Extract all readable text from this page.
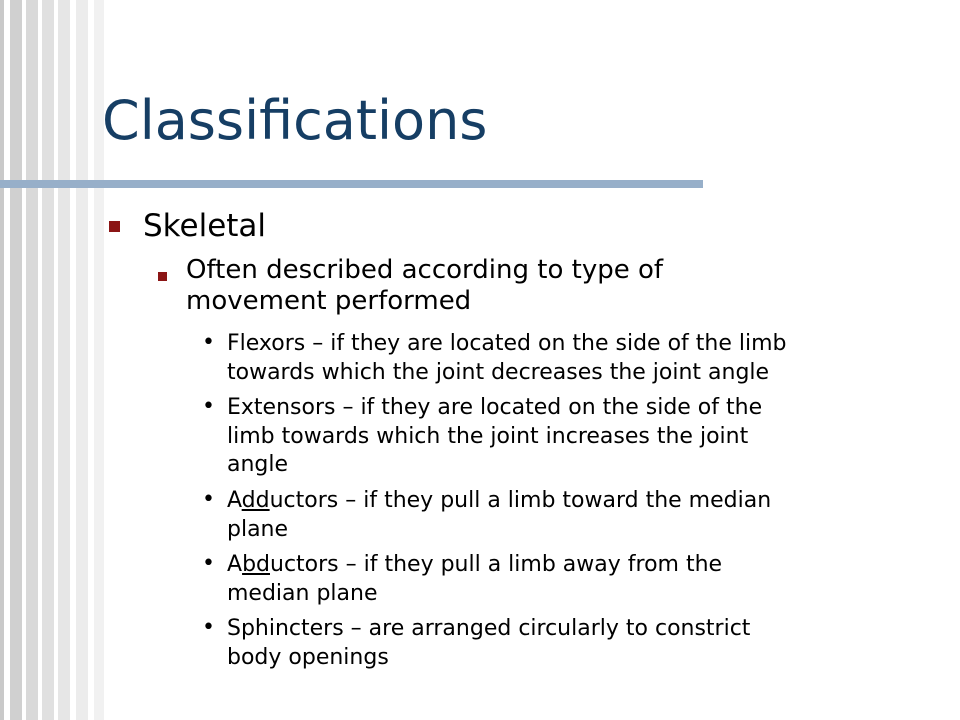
Classifications
Skeletal
Often described according to type of
movement performed
• Flexors – if they are located on the side of the limb
towards which the joint decreases the joint angle
• Extensors – if they are located on the side of the
limb towards which the joint increases the joint
angle
• Adductors – if they pull a limb toward the median
plane
• Abductors – if they pull a limb away from the
median plane
• Sphincters – are arranged circularly to constrict
body openings
